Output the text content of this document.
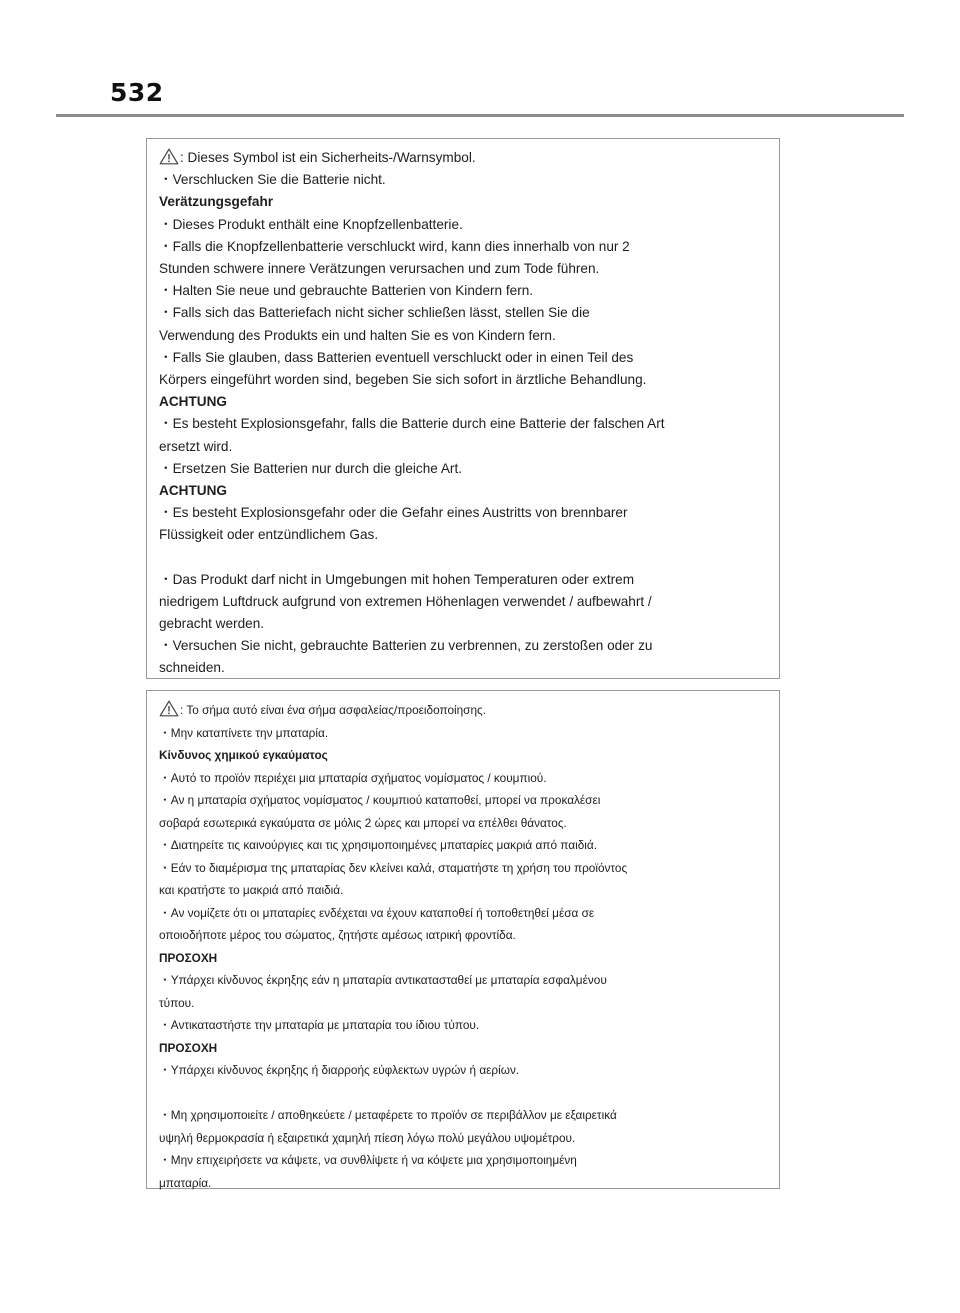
532
: Dieses Symbol ist ein Sicherheits-/Warnsymbol.
・Verschlucken Sie die Batterie nicht.
Verätzungsgefahr
・Dieses Produkt enthält eine Knopfzellenbatterie.
・Falls die Knopfzellenbatterie verschluckt wird, kann dies innerhalb von nur 2
Stunden schwere innere Verätzungen verursachen und zum Tode führen.
・Halten Sie neue und gebrauchte Batterien von Kindern fern.
・Falls sich das Batteriefach nicht sicher schließen lässt, stellen Sie die
Verwendung des Produkts ein und halten Sie es von Kindern fern.
・Falls Sie glauben, dass Batterien eventuell verschluckt oder in einen Teil des
Körpers eingeführt worden sind, begeben Sie sich sofort in ärztliche Behandlung.
ACHTUNG
・Es besteht Explosionsgefahr, falls die Batterie durch eine Batterie der falschen Art
ersetzt wird.
・Ersetzen Sie Batterien nur durch die gleiche Art.
ACHTUNG
・Es besteht Explosionsgefahr oder die Gefahr eines Austritts von brennbarer
Flüssigkeit oder entzündlichem Gas.
・Das Produkt darf nicht in Umgebungen mit hohen Temperaturen oder extrem
niedrigem Luftdruck aufgrund von extremen Höhenlagen verwendet / aufbewahrt /
gebracht werden.
・Versuchen Sie nicht, gebrauchte Batterien zu verbrennen, zu zerstoßen oder zu
schneiden.
: Το σήμα αυτό είναι ένα σήμα ασφαλείας/προειδοποίησης.
・Μην καταπίνετε την μπαταρία.
Κίνδυνος χημικού εγκαύματος
・Αυτό το προϊόν περιέχει μια μπαταρία σχήματος νομίσματος / κουμπιού.
・Αν η μπαταρία σχήματος νομίσματος / κουμπιού καταποθεί, μπορεί να προκαλέσει
σοβαρά εσωτερικά εγκαύματα σε μόλις 2 ώρες και μπορεί να επέλθει θάνατος.
・Διατηρείτε τις καινούργιες και τις χρησιμοποιημένες μπαταρίες μακριά από παιδιά.
・Εάν το διαμέρισμα της μπαταρίας δεν κλείνει καλά, σταματήστε τη χρήση του προϊόντος
και κρατήστε το μακριά από παιδιά.
・Αν νομίζετε ότι οι μπαταρίες ενδέχεται να έχουν καταποθεί ή τοποθετηθεί μέσα σε
οποιοδήποτε μέρος του σώματος, ζητήστε αμέσως ιατρική φροντίδα.
ΠΡΟΣΟΧΗ
・Υπάρχει κίνδυνος έκρηξης εάν η μπαταρία αντικατασταθεί με μπαταρία εσφαλμένου
τύπου.
・Αντικαταστήστε την μπαταρία με μπαταρία του ίδιου τύπου.
ΠΡΟΣΟΧΗ
・Υπάρχει κίνδυνος έκρηξης ή διαρροής εύφλεκτων υγρών ή αερίων.
・Μη χρησιμοποιείτε / αποθηκεύετε / μεταφέρετε το προϊόν σε περιβάλλον με εξαιρετικά
υψηλή θερμοκρασία ή εξαιρετικά χαμηλή πίεση λόγω πολύ μεγάλου υψομέτρου.
・Μην επιχειρήσετε να κάψετε, να συνθλίψετε ή να κόψετε μια χρησιμοποιημένη
μπαταρία.
